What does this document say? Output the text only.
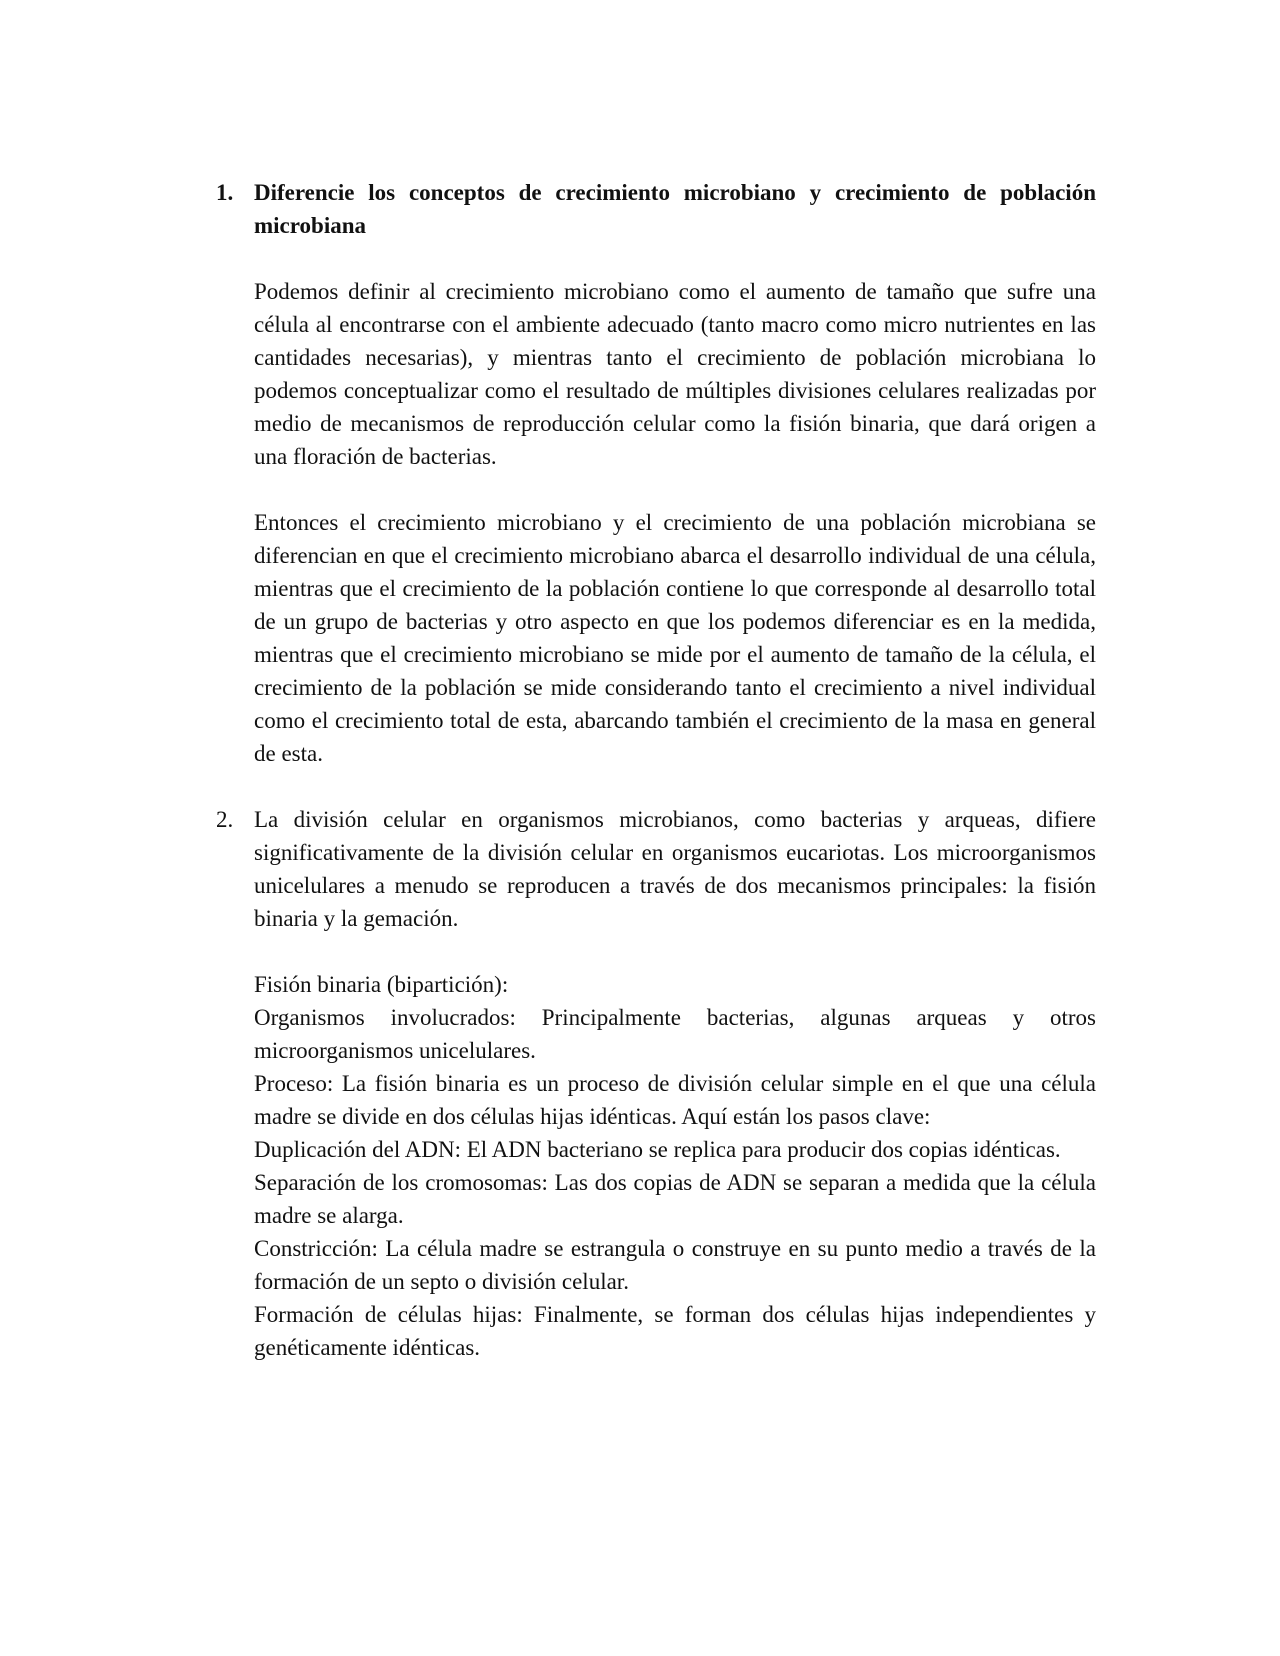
1. Diferencie los conceptos de crecimiento microbiano y crecimiento de población microbiana

Podemos definir al crecimiento microbiano como el aumento de tamaño que sufre una célula al encontrarse con el ambiente adecuado (tanto macro como micro nutrientes en las cantidades necesarias), y mientras tanto el crecimiento de población microbiana lo podemos conceptualizar como el resultado de múltiples divisiones celulares realizadas por medio de mecanismos de reproducción celular como la fisión binaria, que dará origen a una floración de bacterias.

Entonces el crecimiento microbiano y el crecimiento de una población microbiana se diferencian en que el crecimiento microbiano abarca el desarrollo individual de una célula, mientras que el crecimiento de la población contiene lo que corresponde al desarrollo total de un grupo de bacterias y otro aspecto en que los podemos diferenciar es en la medida, mientras que el crecimiento microbiano se mide por el aumento de tamaño de la célula, el crecimiento de la población se mide considerando tanto el crecimiento a nivel individual como el crecimiento total de esta, abarcando también el crecimiento de la masa en general de esta.

2. La división celular en organismos microbianos, como bacterias y arqueas, difiere significativamente de la división celular en organismos eucariotas. Los microorganismos unicelulares a menudo se reproducen a través de dos mecanismos principales: la fisión binaria y la gemación.

Fisión binaria (bipartición):

Organismos involucrados: Principalmente bacterias, algunas arqueas y otros microorganismos unicelulares.

Proceso: La fisión binaria es un proceso de división celular simple en el que una célula madre se divide en dos células hijas idénticas. Aquí están los pasos clave:

Duplicación del ADN: El ADN bacteriano se replica para producir dos copias idénticas.

Separación de los cromosomas: Las dos copias de ADN se separan a medida que la célula madre se alarga.

Constricción: La célula madre se estrangula o construye en su punto medio a través de la formación de un septo o división celular.

Formación de células hijas: Finalmente, se forman dos células hijas independientes y genéticamente idénticas.
